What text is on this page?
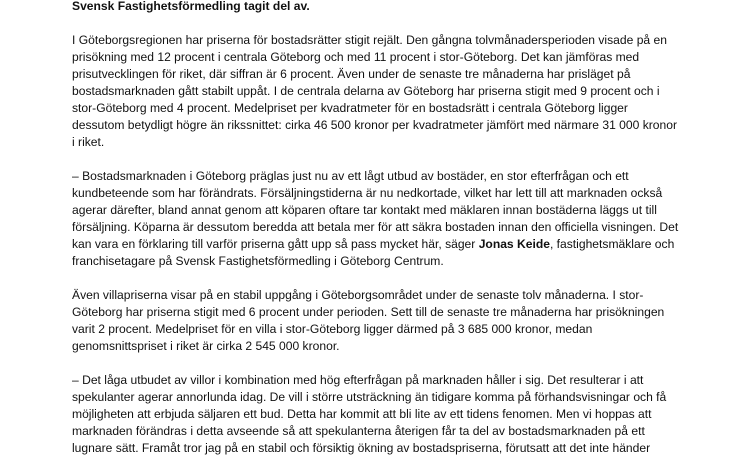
Svensk Fastighetsförmedling tagit del av.

I Göteborgsregionen har priserna för bostadsrätter stigit rejält. Den gångna tolvmånadersperioden visade på en

prisökning med 12 procent i centrala Göteborg och med 11 procent i stor-Göteborg. Det kan jämföras med

prisutvecklingen för riket, där siffran är 6 procent. Även under de senaste tre månaderna har prisläget på

bostadsmarknaden gått stabilt uppåt. I de centrala delarna av Göteborg har priserna stigit med 9 procent och i

stor-Göteborg med 4 procent. Medelpriset per kvadratmeter för en bostadsrätt i centrala Göteborg ligger

dessutom betydligt högre än rikssnittet: cirka 46 500 kronor per kvadratmeter jämfört med närmare 31 000 kronor

i riket.

– Bostadsmarknaden i Göteborg präglas just nu av ett lågt utbud av bostäder, en stor efterfrågan och ett

kundbeteende som har förändrats. Försäljningstiderna är nu nedkortade, vilket har lett till att marknaden också

agerar därefter, bland annat genom att köparen oftare tar kontakt med mäklaren innan bostäderna läggs ut till

försäljning. Köparna är dessutom beredda att betala mer för att säkra bostaden innan den officiella visningen. Det

kan vara en förklaring till varför priserna gått upp så pass mycket här, säger Jonas Keide, fastighetsmäklare och

franchisetagare på Svensk Fastighetsförmedling i Göteborg Centrum.

Även villapriserna visar på en stabil uppgång i Göteborgsområdet under de senaste tolv månaderna. I stor-

Göteborg har priserna stigit med 6 procent under perioden. Sett till de senaste tre månaderna har prisökningen

varit 2 procent. Medelpriset för en villa i stor-Göteborg ligger därmed på 3 685 000 kronor, medan

genomsnittspriset i riket är cirka 2 545 000 kronor.

– Det låga utbudet av villor i kombination med hög efterfrågan på marknaden håller i sig. Det resulterar i att

spekulanter agerar annorlunda idag. De vill i större utsträckning än tidigare komma på förhandsvisningar och få

möjligheten att erbjuda säljaren ett bud. Detta har kommit att bli lite av ett tidens fenomen. Men vi hoppas att

marknaden förändras i detta avseende så att spekulanterna återigen får ta del av bostadsmarknaden på ett

lugnare sätt. Framåt tror jag på en stabil och försiktig ökning av bostadspriserna, förutsatt att det inte händer
